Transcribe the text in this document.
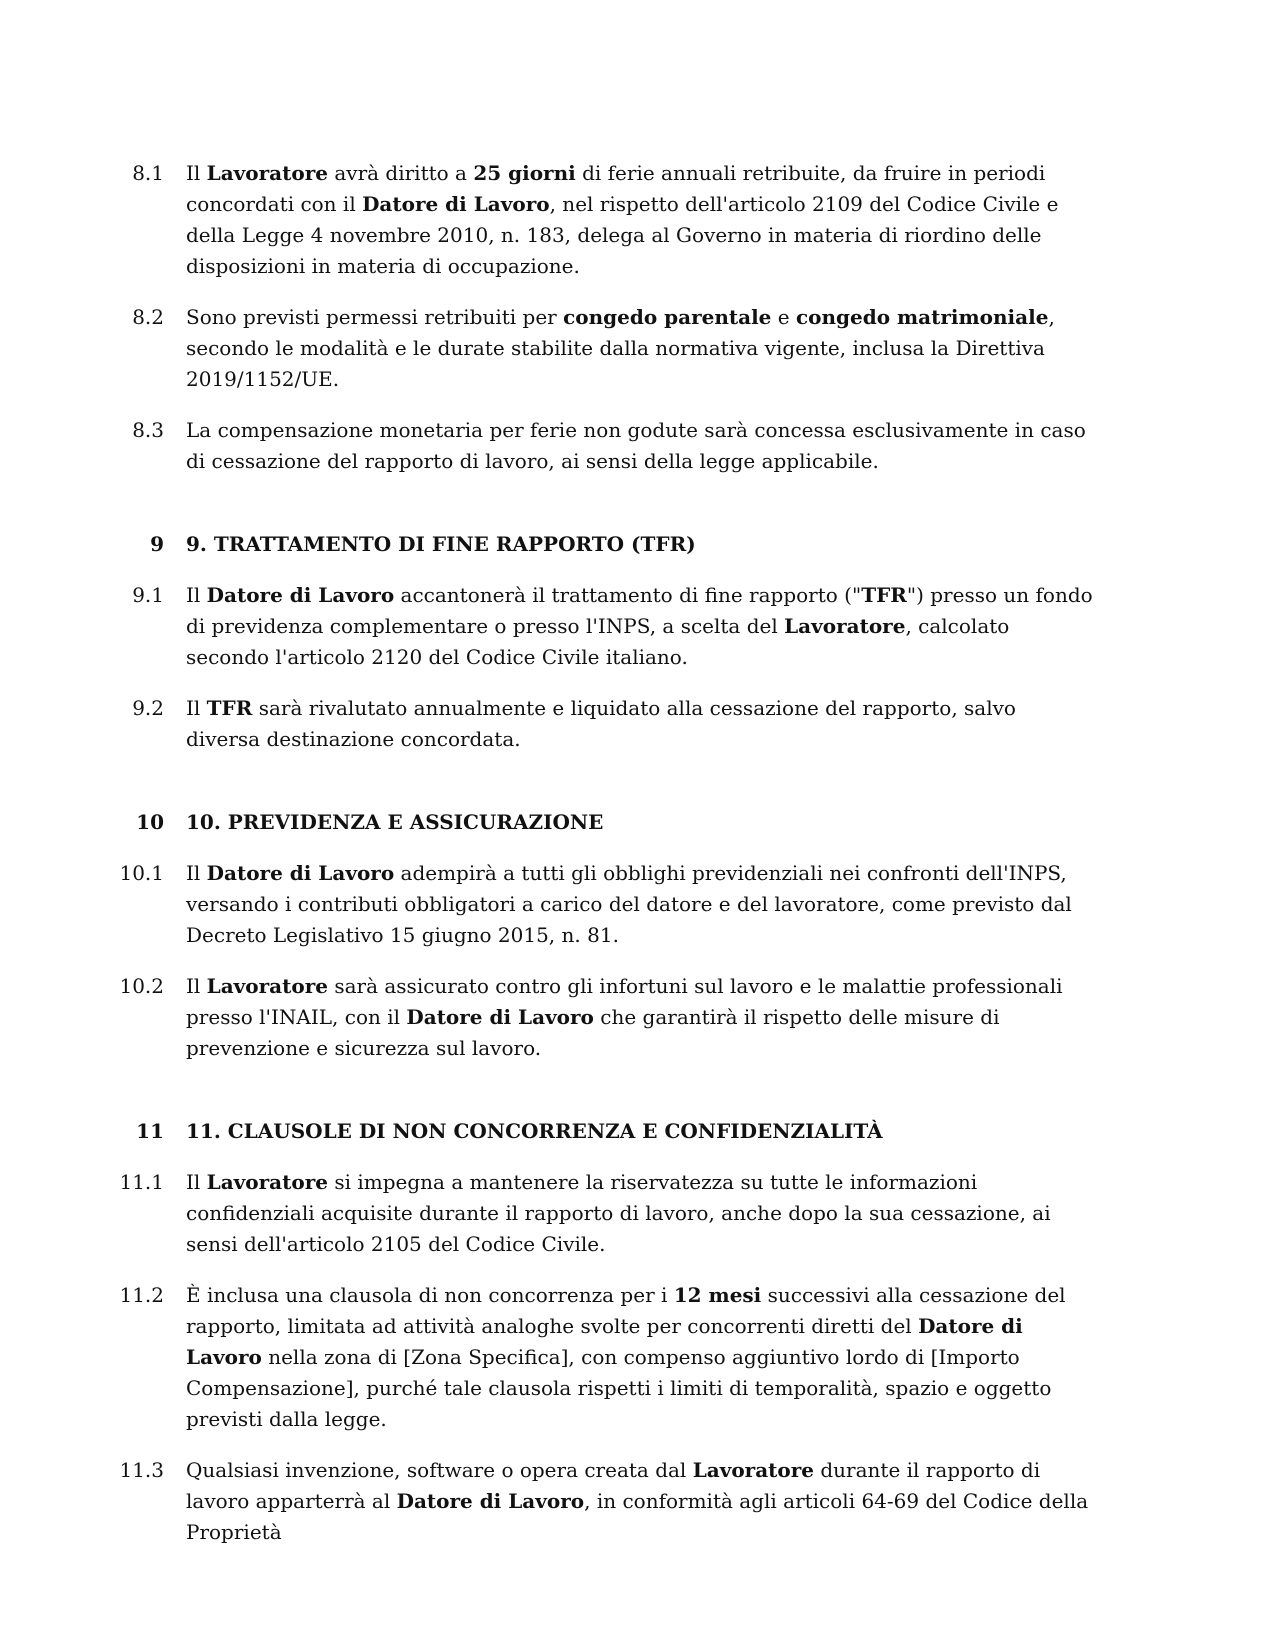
8.1	Il Lavoratore avrà diritto a 25 giorni di ferie annuali retribuite, da fruire in periodi concordati con il Datore di Lavoro, nel rispetto dell'articolo 2109 del Codice Civile e della Legge 4 novembre 2010, n. 183, delega al Governo in materia di riordino delle disposizioni in materia di occupazione.
8.2	Sono previsti permessi retribuiti per congedo parentale e congedo matrimoniale, secondo le modalità e le durate stabilite dalla normativa vigente, inclusa la Direttiva 2019/1152/UE.
8.3	La compensazione monetaria per ferie non godute sarà concessa esclusivamente in caso di cessazione del rapporto di lavoro, ai sensi della legge applicabile.
9	9. TRATTAMENTO DI FINE RAPPORTO (TFR)
9.1	Il Datore di Lavoro accantonerà il trattamento di fine rapporto ("TFR") presso un fondo di previdenza complementare o presso l'INPS, a scelta del Lavoratore, calcolato secondo l'articolo 2120 del Codice Civile italiano.
9.2	Il TFR sarà rivalutato annualmente e liquidato alla cessazione del rapporto, salvo diversa destinazione concordata.
10	10. PREVIDENZA E ASSICURAZIONE
10.1	Il Datore di Lavoro adempirà a tutti gli obblighi previdenziali nei confronti dell'INPS, versando i contributi obbligatori a carico del datore e del lavoratore, come previsto dal Decreto Legislativo 15 giugno 2015, n. 81.
10.2	Il Lavoratore sarà assicurato contro gli infortuni sul lavoro e le malattie professionali presso l'INAIL, con il Datore di Lavoro che garantirà il rispetto delle misure di prevenzione e sicurezza sul lavoro.
11	11. CLAUSOLE DI NON CONCORRENZA E CONFIDENZIALITÀ
11.1	Il Lavoratore si impegna a mantenere la riservatezza su tutte le informazioni confidenziali acquisite durante il rapporto di lavoro, anche dopo la sua cessazione, ai sensi dell'articolo 2105 del Codice Civile.
11.2	È inclusa una clausola di non concorrenza per i 12 mesi successivi alla cessazione del rapporto, limitata ad attività analoghe svolte per concorrenti diretti del Datore di Lavoro nella zona di [Zona Specifica], con compenso aggiuntivo lordo di [Importo Compensazione], purché tale clausola rispetti i limiti di temporalità, spazio e oggetto previsti dalla legge.
11.3	Qualsiasi invenzione, software o opera creata dal Lavoratore durante il rapporto di lavoro apparterrà al Datore di Lavoro, in conformità agli articoli 64-69 del Codice della Proprietà
